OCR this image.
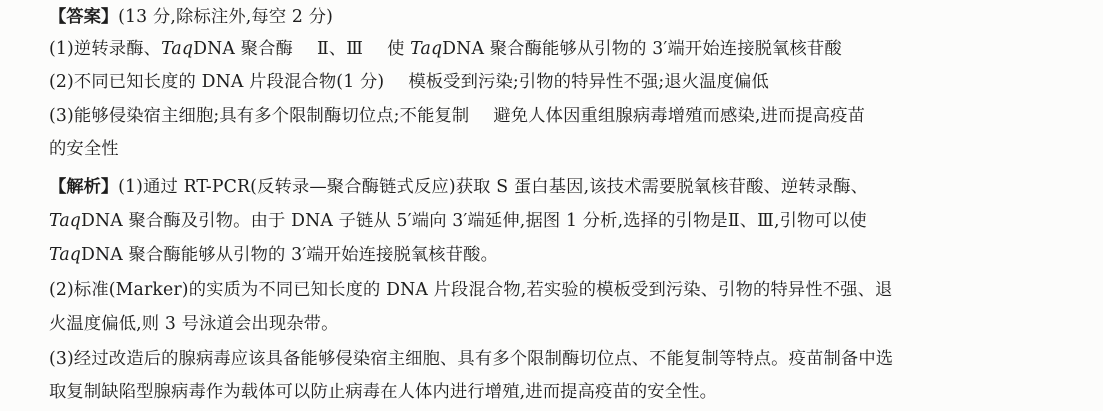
【答案】(13 分,除标注外,每空 2 分)
(1)逆转录酶、TaqDNA 聚合酶 Ⅱ、Ⅲ 使 TaqDNA 聚合酶能够从引物的 3′端开始连接脱氧核苷酸
(2)不同已知长度的 DNA 片段混合物(1 分) 模板受到污染;引物的特异性不强;退火温度偏低
(3)能够侵染宿主细胞;具有多个限制酶切位点;不能复制 避免人体因重组腺病毒增殖而感染,进而提高疫苗
的安全性
【解析】(1)通过 RT-PCR(反转录—聚合酶链式反应)获取 S 蛋白基因,该技术需要脱氧核苷酸、逆转录酶、
TaqDNA 聚合酶及引物。由于 DNA 子链从 5′端向 3′端延伸,据图 1 分析,选择的引物是Ⅱ、Ⅲ,引物可以使
TaqDNA 聚合酶能够从引物的 3′端开始连接脱氧核苷酸。
(2)标准(Marker)的实质为不同已知长度的 DNA 片段混合物,若实验的模板受到污染、引物的特异性不强、退
火温度偏低,则 3 号泳道会出现杂带。
(3)经过改造后的腺病毒应该具备能够侵染宿主细胞、具有多个限制酶切位点、不能复制等特点。疫苗制备中选
取复制缺陷型腺病毒作为载体可以防止病毒在人体内进行增殖,进而提高疫苗的安全性。
